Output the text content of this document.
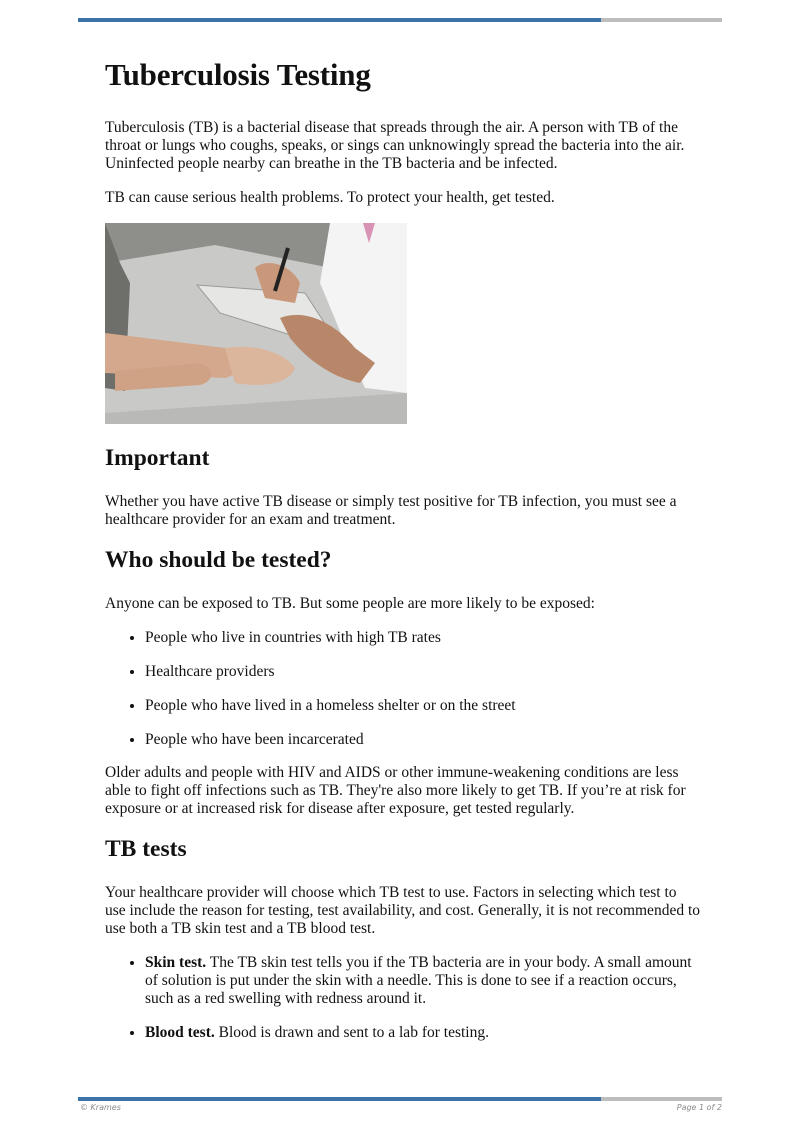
Tuberculosis Testing

Tuberculosis (TB) is a bacterial disease that spreads through the air. A person with TB of the throat or lungs who coughs, speaks, or sings can unknowingly spread the bacteria into the air. Uninfected people nearby can breathe in the TB bacteria and be infected.

TB can cause serious health problems. To protect your health, get tested.

Important

Whether you have active TB disease or simply test positive for TB infection, you must see a healthcare provider for an exam and treatment.

Who should be tested?

Anyone can be exposed to TB. But some people are more likely to be exposed:

• People who live in countries with high TB rates
• Healthcare providers
• People who have lived in a homeless shelter or on the street
• People who have been incarcerated

Older adults and people with HIV and AIDS or other immune-weakening conditions are less able to fight off infections such as TB. They're also more likely to get TB. If you’re at risk for exposure or at increased risk for disease after exposure, get tested regularly.

TB tests

Your healthcare provider will choose which TB test to use. Factors in selecting which test to use include the reason for testing, test availability, and cost. Generally, it is not recommended to use both a TB skin test and a TB blood test.

• Skin test. The TB skin test tells you if the TB bacteria are in your body. A small amount of solution is put under the skin with a needle. This is done to see if a reaction occurs, such as a red swelling with redness around it.
• Blood test. Blood is drawn and sent to a lab for testing.
© Krames	Page 1 of 2
